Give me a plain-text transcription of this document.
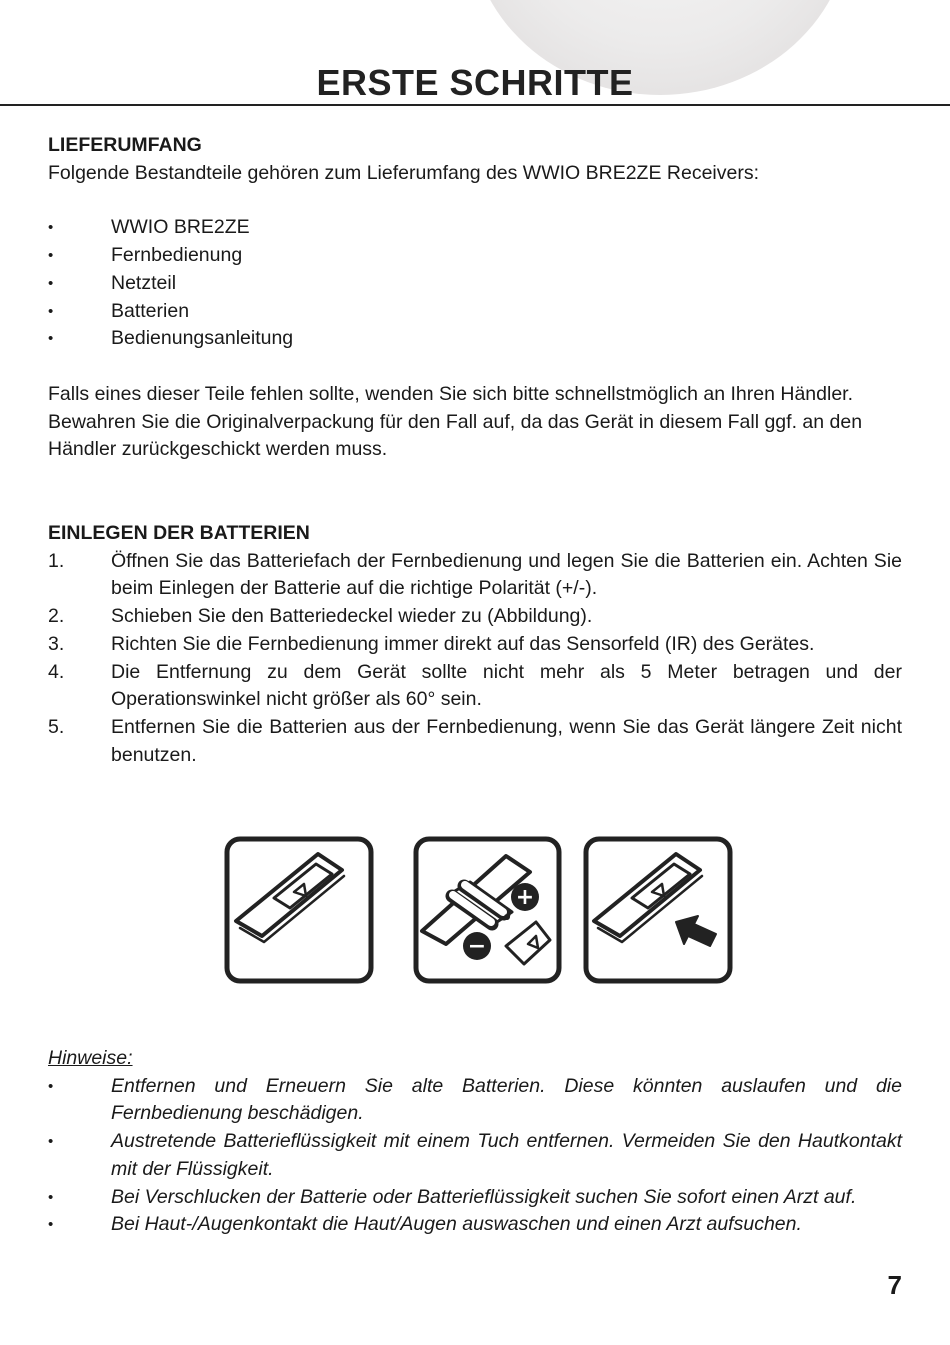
ERSTE SCHRITTE

LIEFERUMFANG

Folgende Bestandteile gehören zum Lieferumfang des WWIO BRE2ZE Receivers:

• WWIO BRE2ZE
• Fernbedienung
• Netzteil
• Batterien
• Bedienungsanleitung

Falls eines dieser Teile fehlen sollte, wenden Sie sich bitte schnellstmöglich an Ihren Händler. Bewahren Sie die Originalverpackung für den Fall auf, da das Gerät in diesem Fall ggf. an den Händler zurückgeschickt werden muss.

EINLEGEN DER BATTERIEN

1. Öffnen Sie das Batteriefach der Fernbedienung und legen Sie die Batterien ein. Achten Sie beim Einlegen der Batterie auf die richtige Polarität (+/-).
2. Schieben Sie den Batteriedeckel wieder zu (Abbildung).
3. Richten Sie die Fernbedienung immer direkt auf das Sensorfeld (IR) des Gerätes.
4. Die Entfernung zu dem Gerät sollte nicht mehr als 5 Meter betragen und der Operationswinkel nicht größer als 60° sein.
5. Entfernen Sie die Batterien aus der Fernbedienung, wenn Sie das Gerät längere Zeit nicht benutzen.
+
−

Hinweise:

• Entfernen und Erneuern Sie alte Batterien. Diese könnten auslaufen und die Fernbedienung beschädigen.
• Austretende Batterieflüssigkeit mit einem Tuch entfernen. Vermeiden Sie den Hautkontakt mit der Flüssigkeit.
• Bei Verschlucken der Batterie oder Batterieflüssigkeit suchen Sie sofort einen Arzt auf.
• Bei Haut-/Augenkontakt die Haut/Augen auswaschen und einen Arzt aufsuchen.
7
